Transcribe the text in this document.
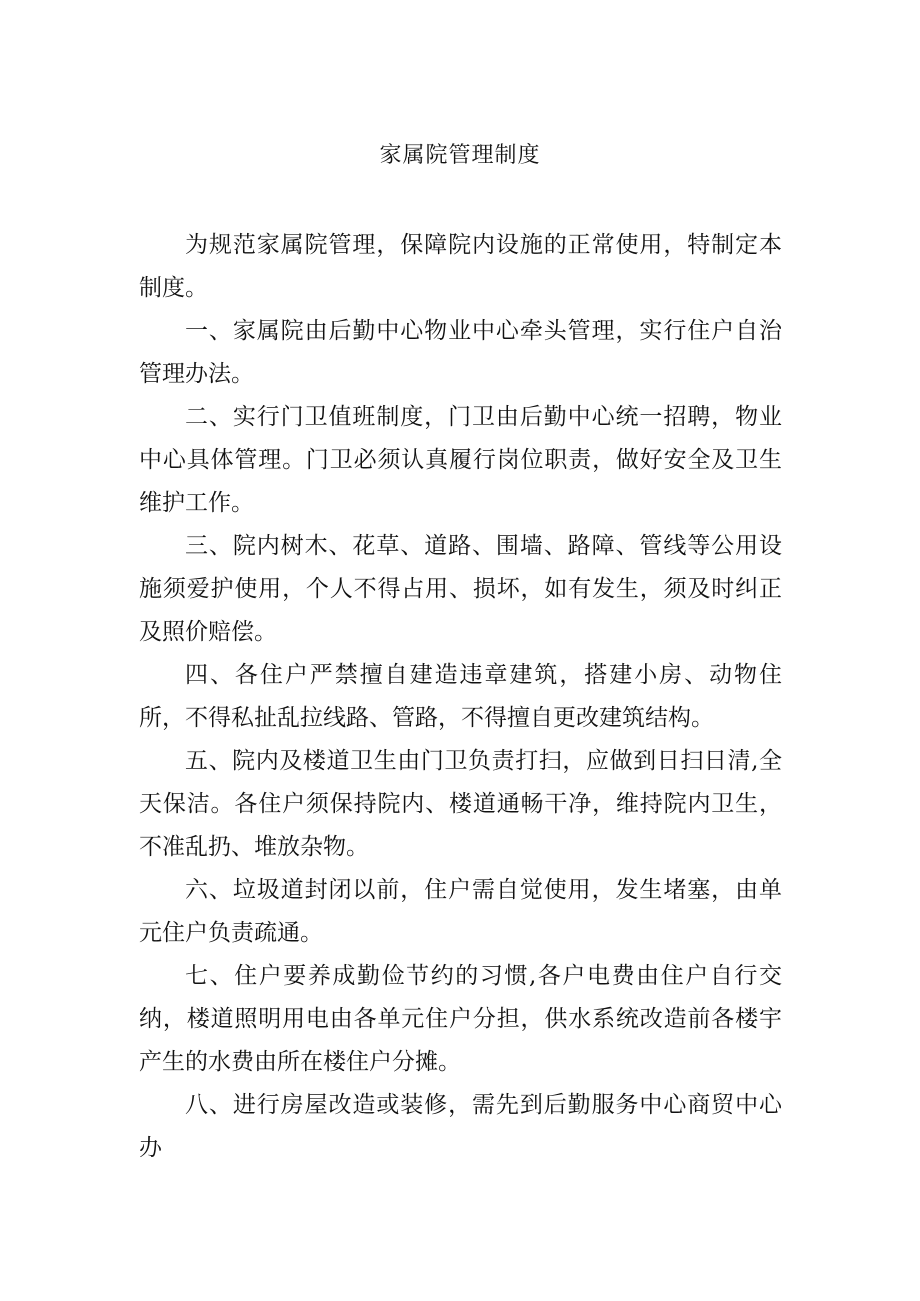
家属院管理制度

为规范家属院管理，保障院内设施的正常使用，特制定本制度。

一、家属院由后勤中心物业中心牵头管理，实行住户自治管理办法。

二、实行门卫值班制度，门卫由后勤中心统一招聘，物业中心具体管理。门卫必须认真履行岗位职责，做好安全及卫生维护工作。

三、院内树木、花草、道路、围墙、路障、管线等公用设施须爱护使用，个人不得占用、损坏，如有发生，须及时纠正及照价赔偿。

四、各住户严禁擅自建造违章建筑，搭建小房、动物住所，不得私扯乱拉线路、管路，不得擅自更改建筑结构。

五、院内及楼道卫生由门卫负责打扫，应做到日扫日清,全天保洁。各住户须保持院内、楼道通畅干净，维持院内卫生，不准乱扔、堆放杂物。

六、垃圾道封闭以前，住户需自觉使用，发生堵塞，由单元住户负责疏通。

七、住户要养成勤俭节约的习惯,各户电费由住户自行交纳，楼道照明用电由各单元住户分担，供水系统改造前各楼宇产生的水费由所在楼住户分摊。

八、进行房屋改造或装修，需先到后勤服务中心商贸中心办
